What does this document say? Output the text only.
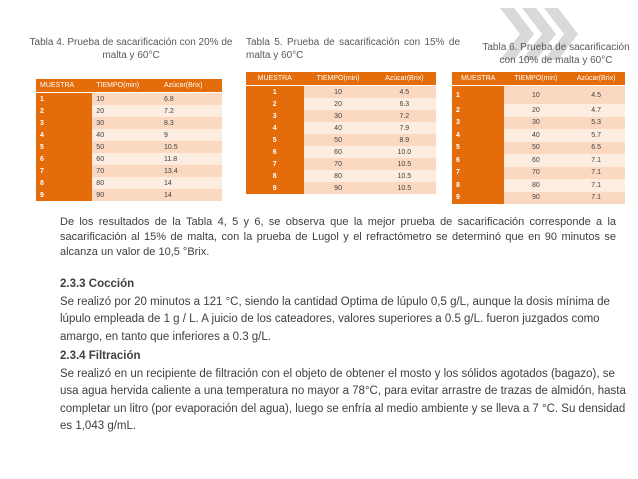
Tabla 4. Prueba de sacarificación con 20% de malta y 60°C
Tabla 5. Prueba de sacarificación con 15% de malta y 60°C
Tabla 6. Prueba de sacarificación con 10% de malta y 60°C
MUESTRA	TIEMPO(min)	Azúcar(Brix)
1	10	6.8
2	20	7.2
3	30	8.3
4	40	9
5	50	10.5
6	60	11.8
7	70	13.4
8	80	14
9	90	14
MUESTRA	TIEMPO(min)	Azúcar(Brix)
1	10	4.5
2	20	6.3
3	30	7.2
4	40	7.9
5	50	8.9
6	60	10.0
7	70	10.5
8	80	10.5
9	90	10.5
MUESTRA	TIEMPO(min)	Azúcar(Brix)
1	10	4.5
2	20	4.7
3	30	5.3
4	40	5.7
5	50	6.5
6	60	7.1
7	70	7.1
8	80	7.1
9	90	7.1
De los resultados de la Tabla 4, 5 y 6, se observa que la mejor prueba de sacarificación corresponde a la sacarificación al 15% de malta, con la prueba de Lugol y el refractómetro se determinó que en 90 minutos se alcanza un valor de 10,5 °Brix.
2.3.3 Cocción
Se realizó por 20 minutos a 121 °C, siendo la cantidad Optima de lúpulo 0,5 g/L, aunque la dosis mínima de lúpulo empleada de 1 g / L. A juicio de los cateadores, valores superiores a 0.5 g/L. fueron juzgados como amargo, en tanto que inferiores a 0.3 g/L.
2.3.4 Filtración
Se realizó en un recipiente de filtración con el objeto de obtener el mosto y los sólidos agotados (bagazo), se usa agua hervida caliente a una temperatura no mayor a 78°C, para evitar arrastre de trazas de almidón, hasta completar un litro (por evaporación del agua), luego se enfría al medio ambiente y se lleva a 7 °C. Su densidad es 1,043 g/mL.
